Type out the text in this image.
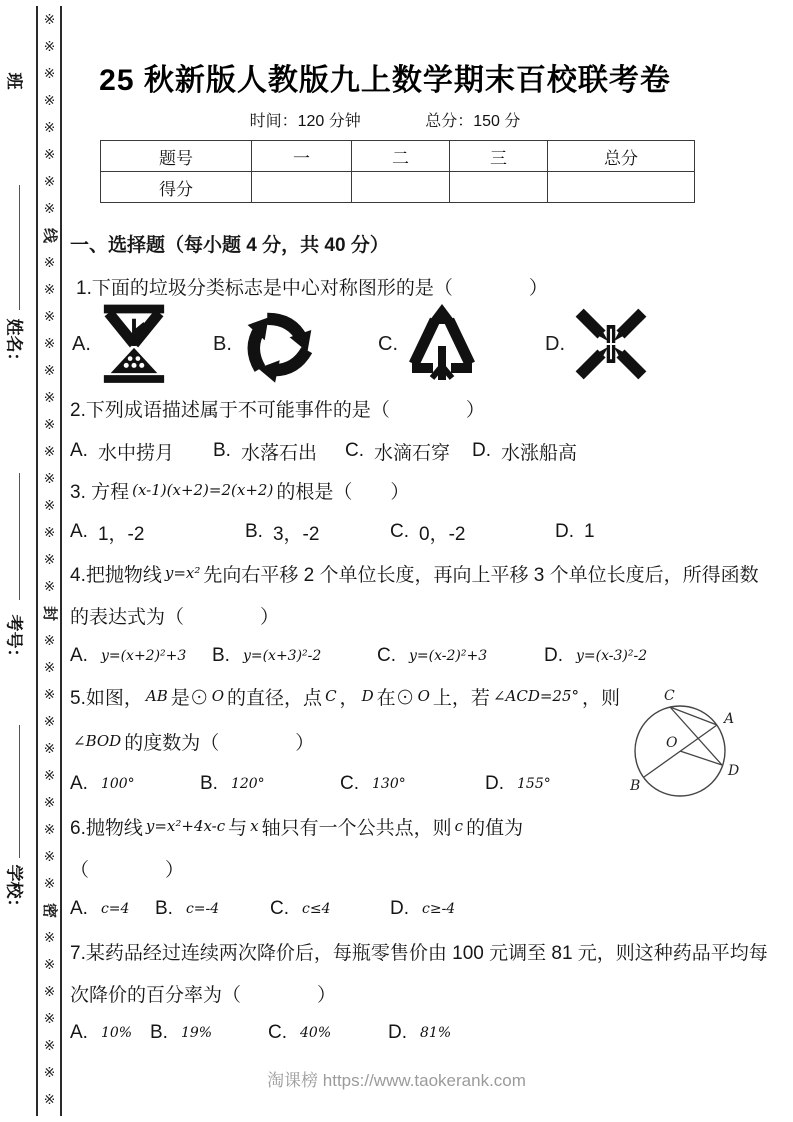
※
※
※
※
※
※
※
※
线
※
※
※
※
※
※
※
※
※
※
※
※
※
封
※
※
※
※
※
※
※
※
※
※
密
※
※
※
※
※
※
※
班
姓名：
考号：
学校：
25 秋新版人教版九上数学期末百校联考卷
时间：120 分钟	总分：150 分
题号	一	二	三	总分
得分				
一、选择题（每小题 4 分，共 40 分）
1.下面的垃圾分类标志是中心对称图形的是（　　　　）
A.	B.	C.	D.
2.下列成语描述属于不可能事件的是（　　　　）
A. 水中捞月 B. 水落石出 C. 水滴石穿 D. 水涨船高
3. 方程 (x-1)(x+2)=2(x+2) 的根是（　　）
A. 1，-2	B. 3，-2	C. 0，-2	D. 1
4.把抛物线 y=x² 先向右平移 2 个单位长度，再向上平移 3 个单位长度后，所得函数
的表达式为（　　　　）
A. y=(x+2)²+3 B. y=(x+3)²-2	C. y=(x-2)²+3	D. y=(x-3)²-2
5.如图， AB 是⊙ O 的直径，点 C ， D 在⊙ O 上，若 ∠ACD=25° ，则
∠BOD 的度数为（　　　　）
A. 100°	B. 120°	C. 130°	D. 155°
C
A
O
B
D
6.抛物线 y=x²+4x-c 与 x 轴只有一个公共点，则 c 的值为
（　　　　）
A. c=4 B. c=-4	C. c≤4	D. c≥-4
7.某药品经过连续两次降价后，每瓶零售价由 100 元调至 81 元，则这种药品平均每
次降价的百分率为（　　　　）
A. 10% B. 19%	C. 40%	D. 81%
淘课榜 https://www.taokerank.com
